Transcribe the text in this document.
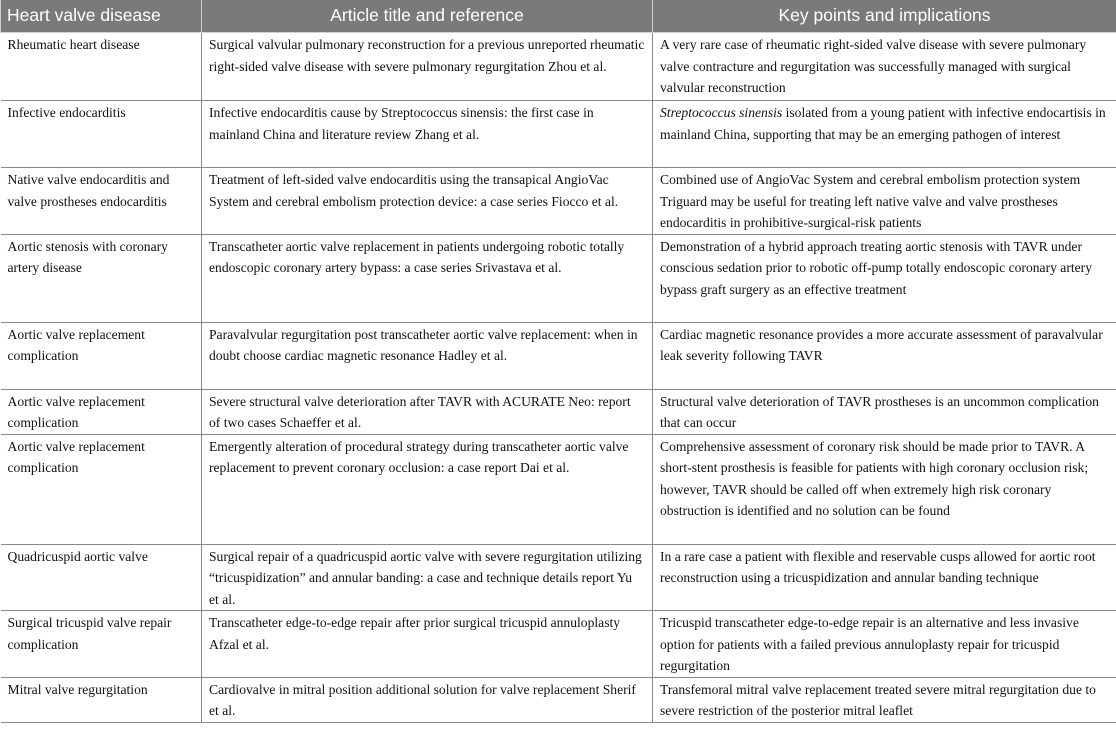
Heart valve disease	Article title and reference	Key points and implications
Rheumatic heart disease	Surgical valvular pulmonary reconstruction for a previous unreported rheumatic right-sided valve disease with severe pulmonary regurgitation Zhou et al.	A very rare case of rheumatic right-sided valve disease with severe pulmonary valve contracture and regurgitation was successfully managed with surgical valvular reconstruction
Infective endocarditis	Infective endocarditis cause by Streptococcus sinensis: the first case in mainland China and literature review Zhang et al.	Streptococcus sinensis isolated from a young patient with infective endocartisis in mainland China, supporting that may be an emerging pathogen of interest
Native valve endocarditis and valve prostheses endocarditis	Treatment of left-sided valve endocarditis using the transapical AngioVac System and cerebral embolism protection device: a case series Fiocco et al.	Combined use of AngioVac System and cerebral embolism protection system Triguard may be useful for treating left native valve and valve prostheses endocarditis in prohibitive-surgical-risk patients
Aortic stenosis with coronary artery disease	Transcatheter aortic valve replacement in patients undergoing robotic totally endoscopic coronary artery bypass: a case series Srivastava et al.	Demonstration of a hybrid approach treating aortic stenosis with TAVR under conscious sedation prior to robotic off-pump totally endoscopic coronary artery bypass graft surgery as an effective treatment
Aortic valve replacement complication	Paravalvular regurgitation post transcatheter aortic valve replacement: when in doubt choose cardiac magnetic resonance Hadley et al.	Cardiac magnetic resonance provides a more accurate assessment of paravalvular leak severity following TAVR
Aortic valve replacement complication	Severe structural valve deterioration after TAVR with ACURATE Neo: report of two cases Schaeffer et al.	Structural valve deterioration of TAVR prostheses is an uncommon complication that can occur
Aortic valve replacement complication	Emergently alteration of procedural strategy during transcatheter aortic valve replacement to prevent coronary occlusion: a case report Dai et al.	Comprehensive assessment of coronary risk should be made prior to TAVR. A short-stent prosthesis is feasible for patients with high coronary occlusion risk; however, TAVR should be called off when extremely high risk coronary obstruction is identified and no solution can be found
Quadricuspid aortic valve	Surgical repair of a quadricuspid aortic valve with severe regurgitation utilizing “tricuspidization” and annular banding: a case and technique details report Yu et al.	In a rare case a patient with flexible and reservable cusps allowed for aortic root reconstruction using a tricuspidization and annular banding technique
Surgical tricuspid valve repair complication	Transcatheter edge-to-edge repair after prior surgical tricuspid annuloplasty Afzal et al.	Tricuspid transcatheter edge-to-edge repair is an alternative and less invasive option for patients with a failed previous annuloplasty repair for tricuspid regurgitation
Mitral valve regurgitation	Cardiovalve in mitral position additional solution for valve replacement Sherif et al.	Transfemoral mitral valve replacement treated severe mitral regurgitation due to severe restriction of the posterior mitral leaflet
